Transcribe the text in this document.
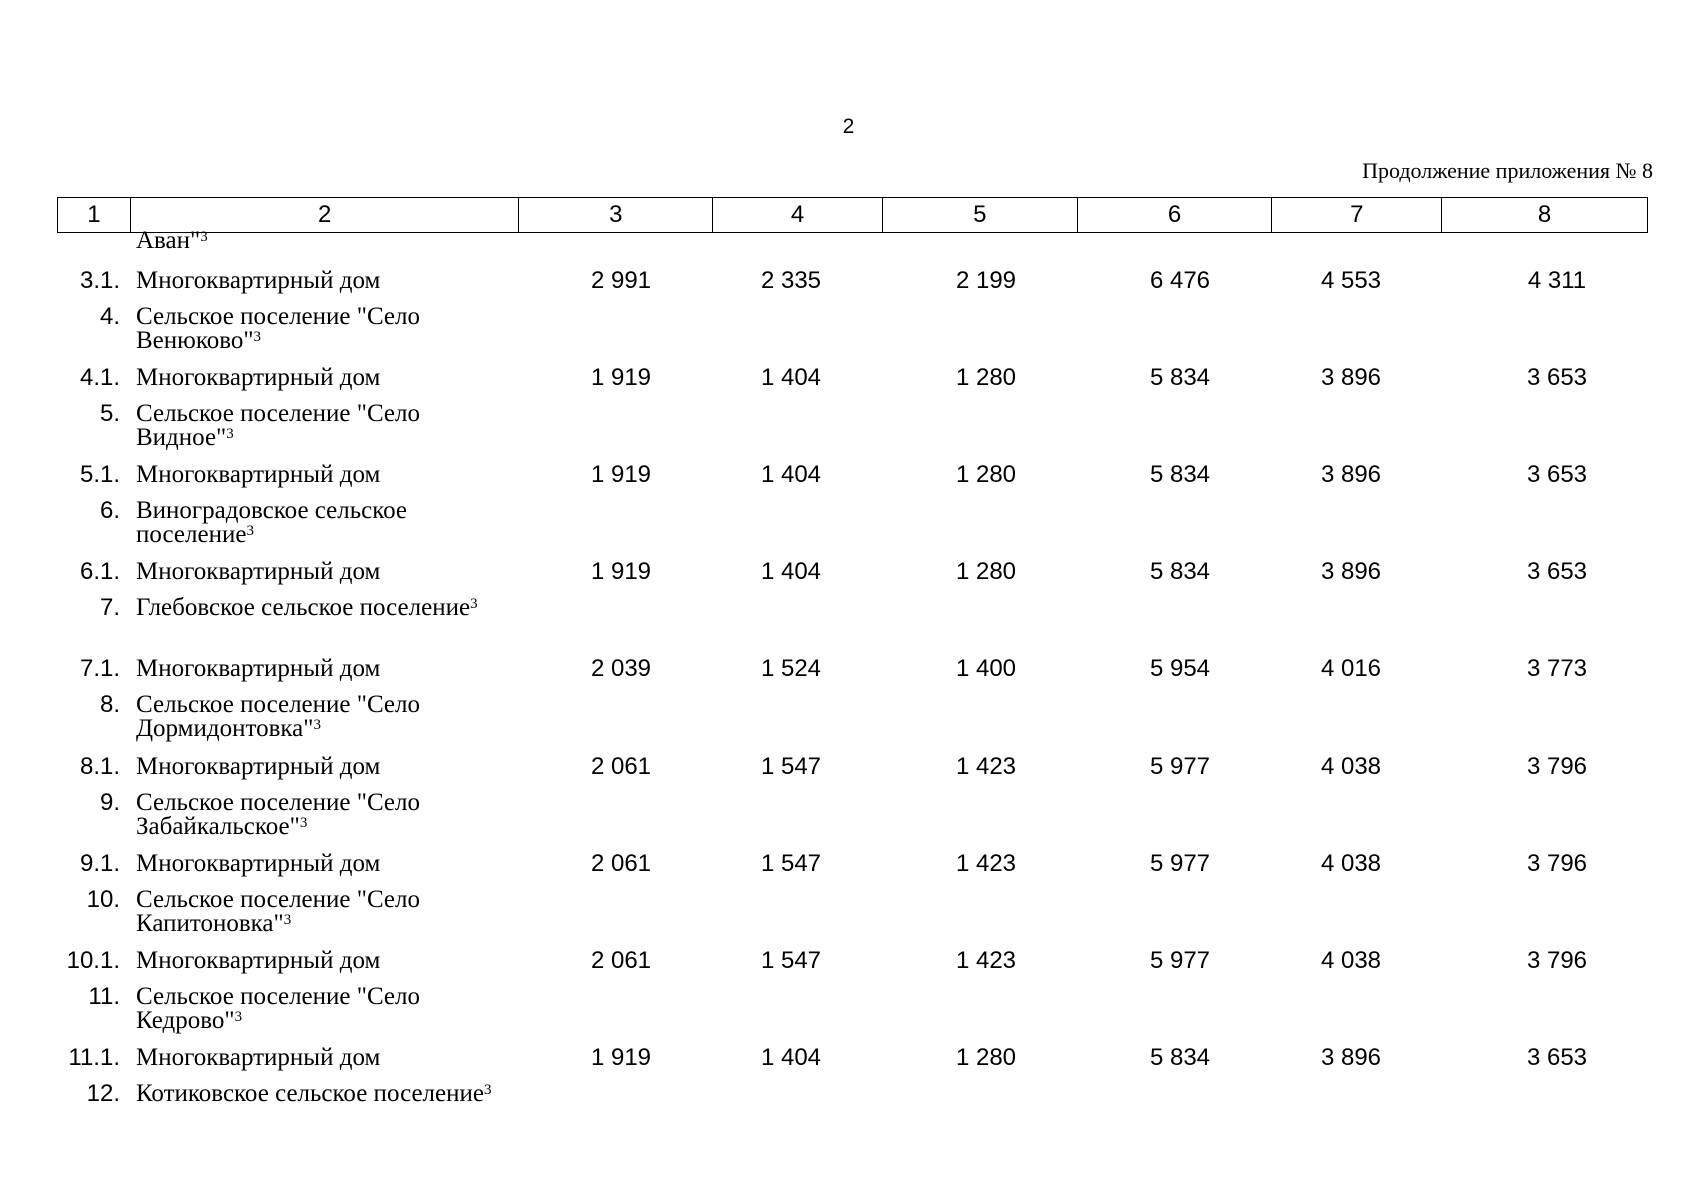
2
Продолжение приложения № 8
1	2	3	4	5	6	7	8
Аван"$^3$
3.1. Многоквартирный дом	2 991	2 335	2 199	6 476	4 553	4 311
4. Сельское поселение "Село Венюково"$^3$
4.1. Многоквартирный дом	1 919	1 404	1 280	5 834	3 896	3 653
5. Сельское поселение "Село Видное"$^3$
5.1. Многоквартирный дом	1 919	1 404	1 280	5 834	3 896	3 653
6. Виноградовское сельское поселение$^3$
6.1. Многоквартирный дом	1 919	1 404	1 280	5 834	3 896	3 653
7. Глебовское сельское поселение$^3$
7.1. Многоквартирный дом	2 039	1 524	1 400	5 954	4 016	3 773
8. Сельское поселение "Село Дормидонтовка"$^3$
8.1. Многоквартирный дом	2 061	1 547	1 423	5 977	4 038	3 796
9. Сельское поселение "Село Забайкальское"$^3$
9.1. Многоквартирный дом	2 061	1 547	1 423	5 977	4 038	3 796
10. Сельское поселение "Село Капитоновка"$^3$
10.1. Многоквартирный дом	2 061	1 547	1 423	5 977	4 038	3 796
11. Сельское поселение "Село Кедрово"$^3$
11.1. Многоквартирный дом	1 919	1 404	1 280	5 834	3 896	3 653
12. Котиковское сельское поселение$^3$
